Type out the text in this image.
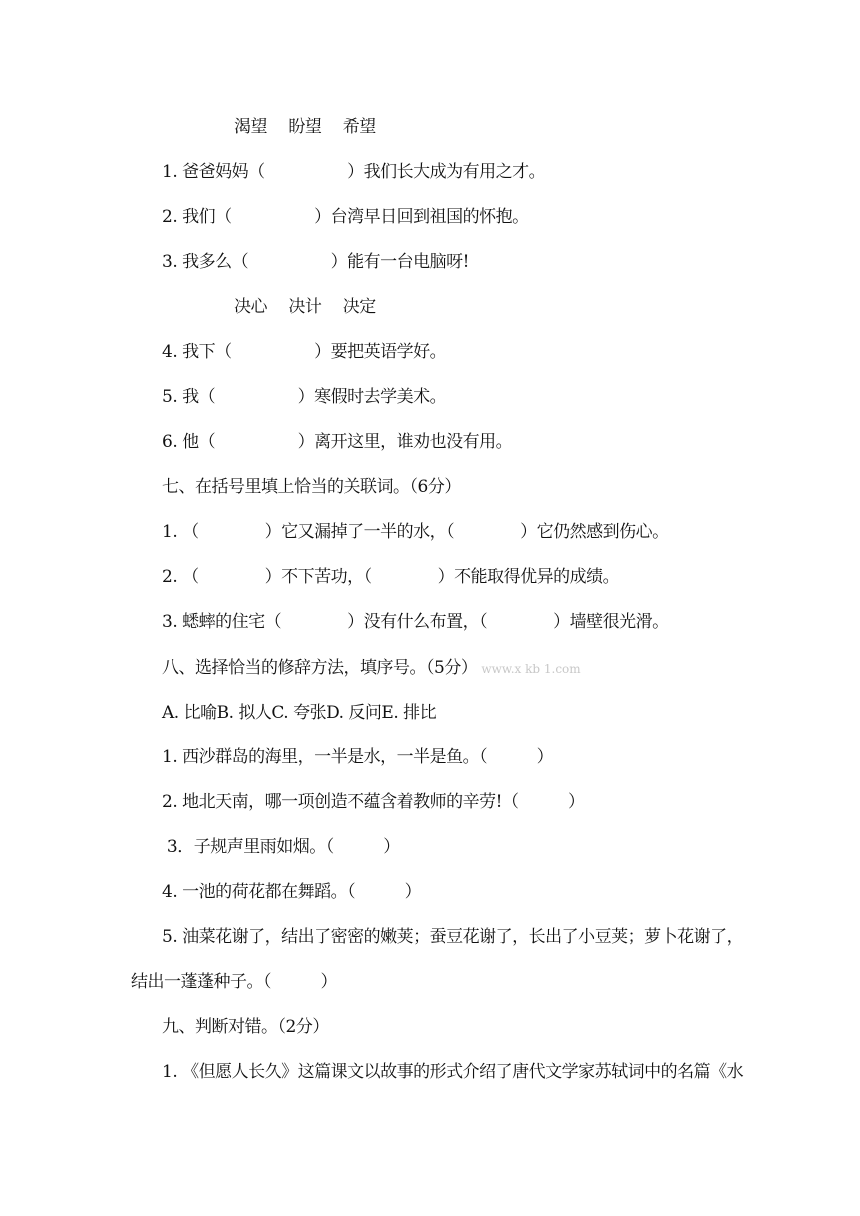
渴望　 盼望　 希望
1. 爸爸妈妈（　　　　　）我们长大成为有用之才。
2. 我们（　　　　　）台湾早日回到祖国的怀抱。
3. 我多么（　　　　　）能有一台电脑呀!
决心　 决计　 决定
4. 我下（　　　　　）要把英语学好。
5. 我（　　　　　）寒假时去学美术。
6. 他（　　　　　）离开这里，谁劝也没有用。
七、在括号里填上恰当的关联词。（6分）
1. （　　　　）它又漏掉了一半的水，（　　　　）它仍然感到伤心。
2. （　　　　）不下苦功，（　　　　）不能取得优异的成绩。
3. 蟋蟀的住宅（　　　　）没有什么布置，（　　　　）墙壁很光滑。
八、选择恰当的修辞方法，填序号。（5分） www.x kb 1.com
A. 比喻B. 拟人C. 夸张D. 反问E. 排比
1. 西沙群岛的海里，一半是水，一半是鱼。（　　　）
2. 地北天南，哪一项创造不蕴含着教师的辛劳!（　　　）
3．子规声里雨如烟。（　　　）
4. 一池的荷花都在舞蹈。（　　　）
5. 油菜花谢了，结出了密密的嫩荚；蚕豆花谢了，长出了小豆荚；萝卜花谢了，
结出一蓬蓬种子。（　　　）
九、判断对错。（2分）
1. 《但愿人长久》这篇课文以故事的形式介绍了唐代文学家苏轼词中的名篇《水
